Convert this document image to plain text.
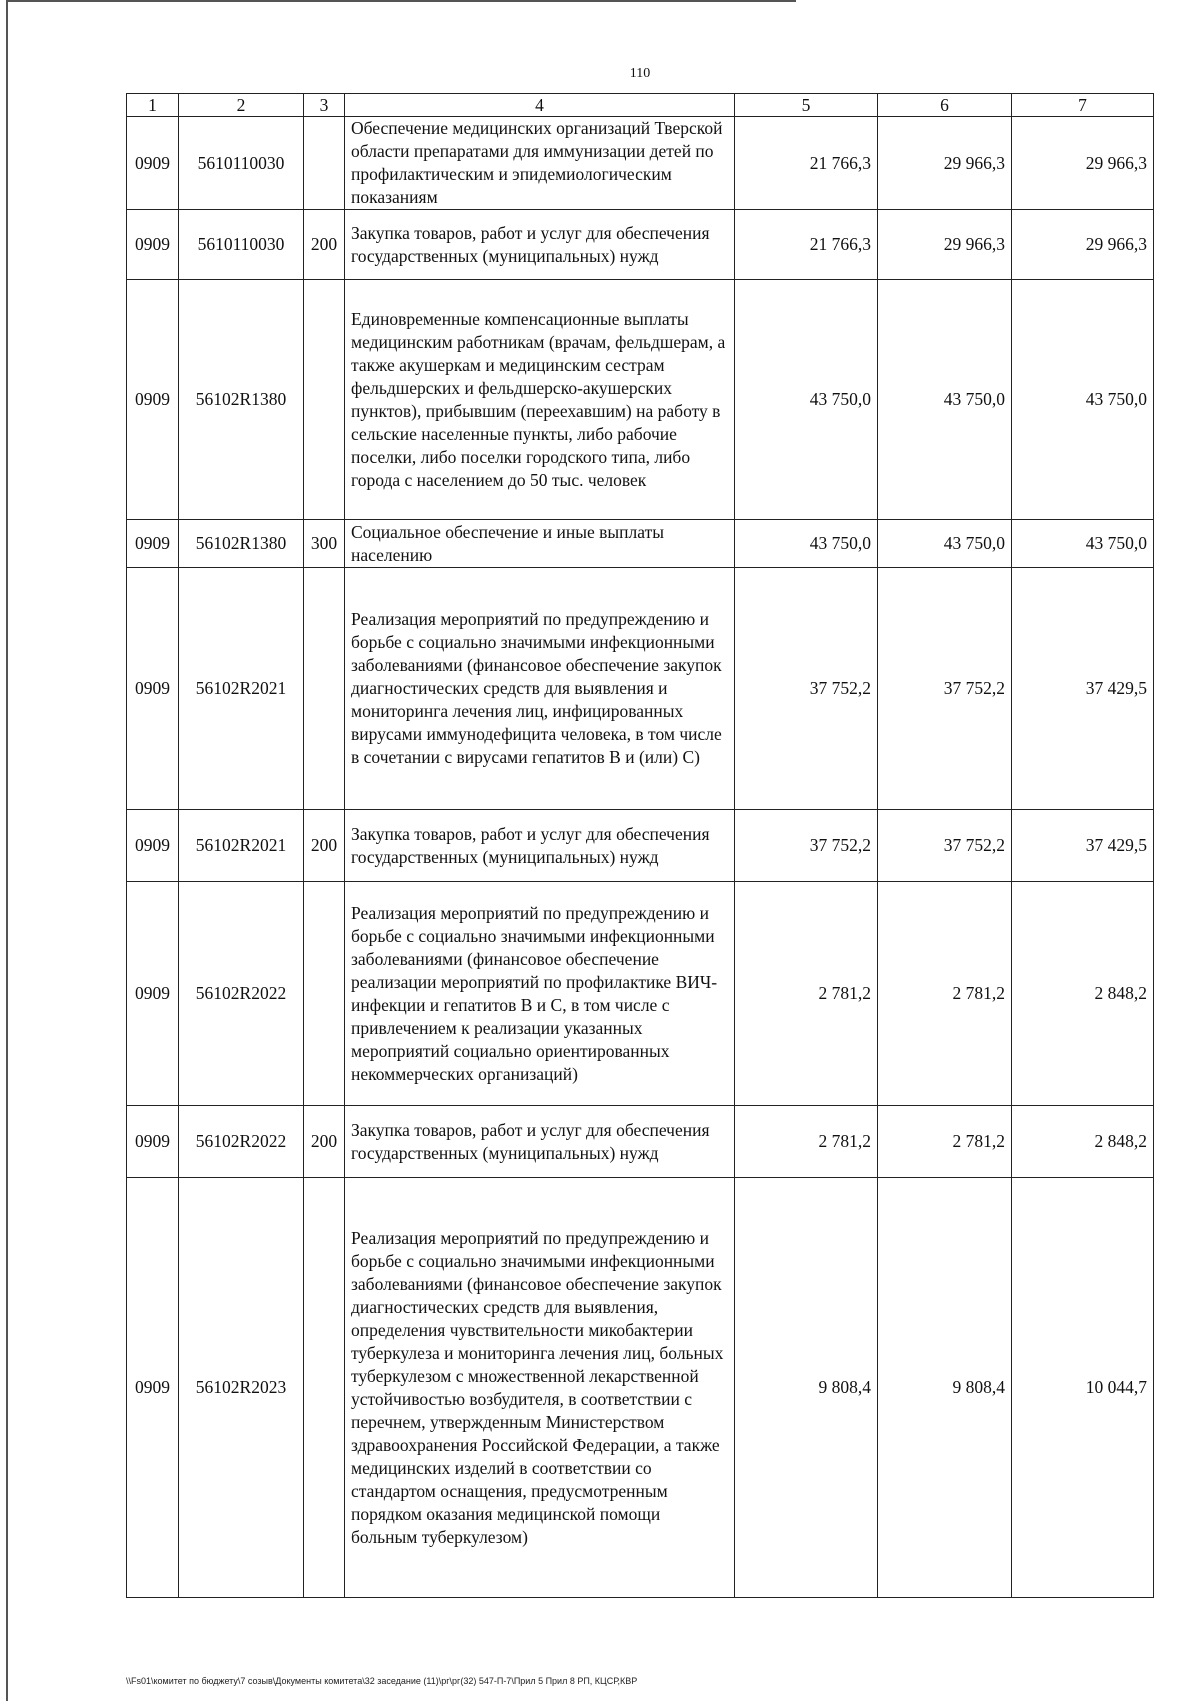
110
1	2	3	4	5	6	7
0909	5610110030		Обеспечение медицинских организаций Тверской области препаратами для иммунизации детей по профилактическим и эпидемиологическим показаниям	21 766,3	29 966,3	29 966,3
0909	5610110030	200	Закупка товаров, работ и услуг для обеспечения государственных (муниципальных) нужд	21 766,3	29 966,3	29 966,3
0909	56102R1380		Единовременные компенсационные выплаты медицинским работникам (врачам, фельдшерам, а также акушеркам и медицинским сестрам фельдшерских и фельдшерско-акушерских пунктов), прибывшим (переехавшим) на работу в сельские населенные пункты, либо рабочие поселки, либо поселки городского типа, либо города с населением до 50 тыс. человек	43 750,0	43 750,0	43 750,0
0909	56102R1380	300	Социальное обеспечение и иные выплаты населению	43 750,0	43 750,0	43 750,0
0909	56102R2021		Реализация мероприятий по предупреждению и борьбе с социально значимыми инфекционными заболеваниями (финансовое обеспечение закупок диагностических средств для выявления и мониторинга лечения лиц, инфицированных вирусами иммунодефицита человека, в том числе в сочетании с вирусами гепатитов В и (или) С)	37 752,2	37 752,2	37 429,5
0909	56102R2021	200	Закупка товаров, работ и услуг для обеспечения государственных (муниципальных) нужд	37 752,2	37 752,2	37 429,5
0909	56102R2022		Реализация мероприятий по предупреждению и борьбе с социально значимыми инфекционными заболеваниями (финансовое обеспечение реализации мероприятий по профилактике ВИЧ-инфекции и гепатитов В и С, в том числе с привлечением к реализации указанных мероприятий социально ориентированных некоммерческих организаций)	2 781,2	2 781,2	2 848,2
0909	56102R2022	200	Закупка товаров, работ и услуг для обеспечения государственных (муниципальных) нужд	2 781,2	2 781,2	2 848,2
0909	56102R2023		Реализация мероприятий по предупреждению и борьбе с социально значимыми инфекционными заболеваниями (финансовое обеспечение закупок диагностических средств для выявления, определения чувствительности микобактерии туберкулеза и мониторинга лечения лиц, больных туберкулезом с множественной лекарственной устойчивостью возбудителя, в соответствии с перечнем, утвержденным Министерством здравоохранения Российской Федерации, а также медицинских изделий в соответствии со стандартом оснащения, предусмотренным порядком оказания медицинской помощи больным туберкулезом)	9 808,4	9 808,4	10 044,7
\\Fs01\комитет по бюджету\7 созыв\Документы комитета\32 заседание (11)\рг\рг(32) 547-П-7\Прил 5 Прил 8 РП, КЦСР,КВР
